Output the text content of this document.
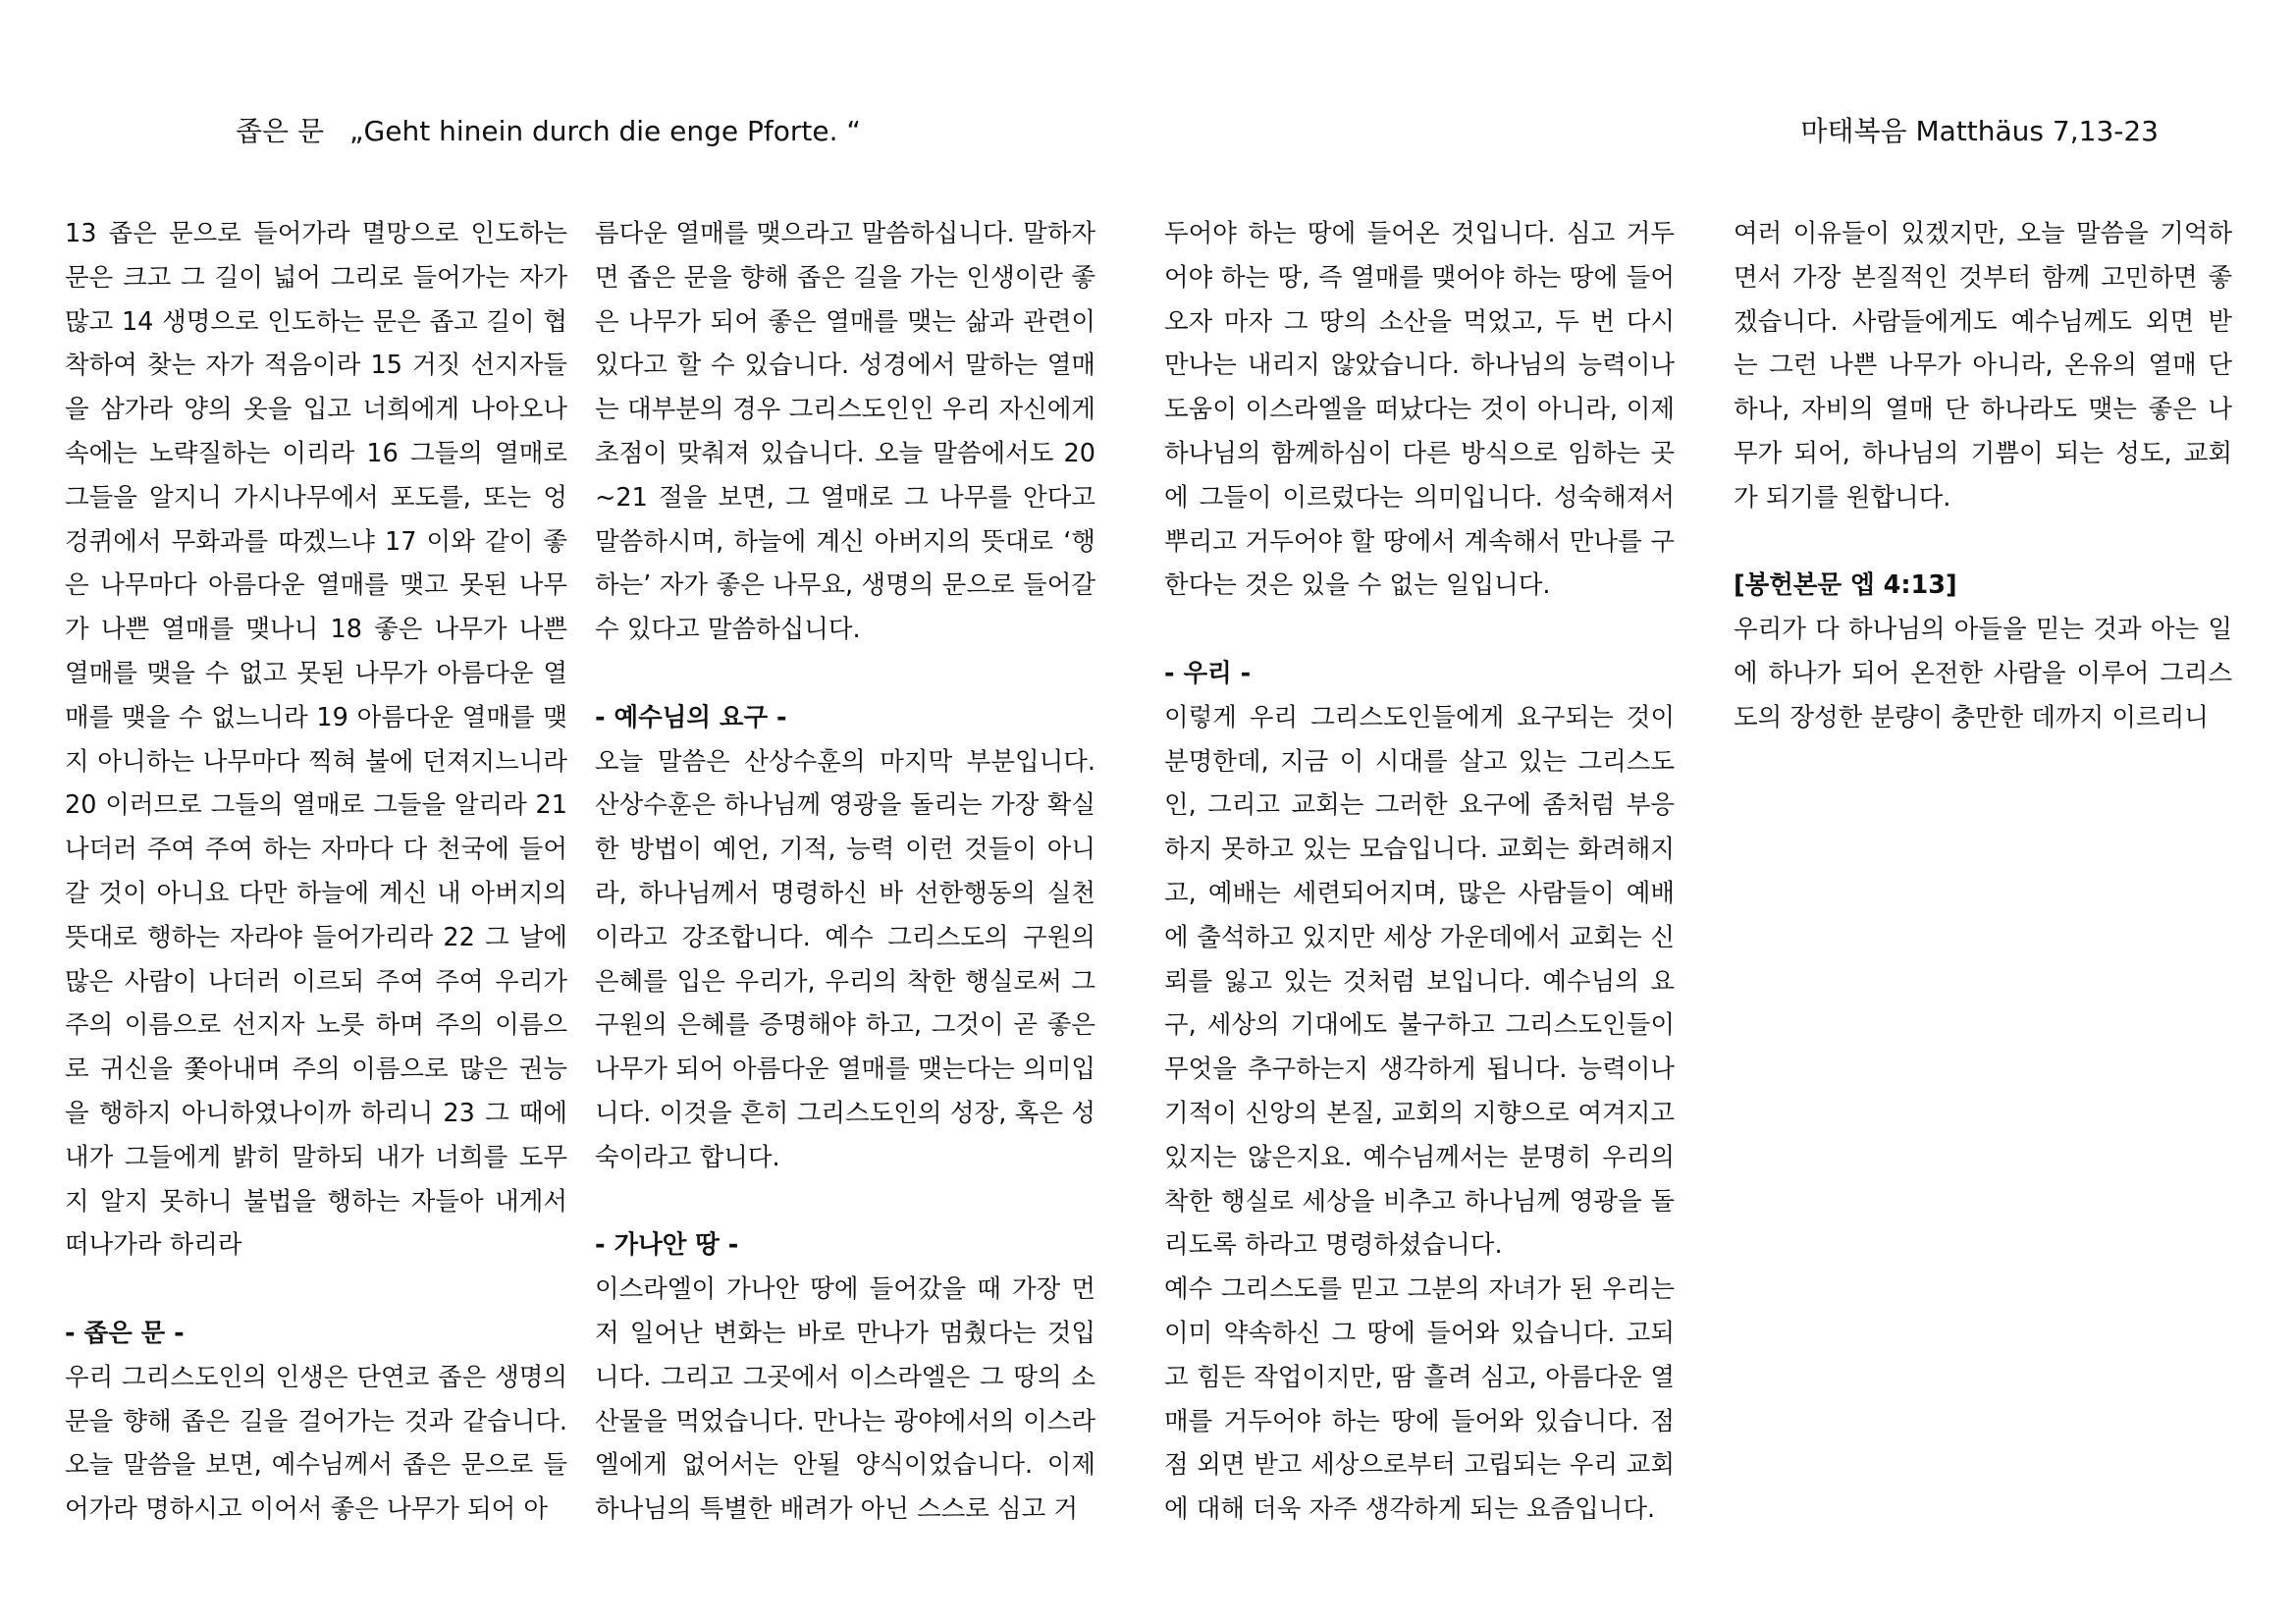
좁은 문 „Geht hinein durch die enge Pforte. “	마태복음 Matthäus 7,13-23

13 좁은 문으로 들어가라 멸망으로 인도하는 문은 크고 그 길이 넓어 그리로 들어가는 자가 많고 14 생명으로 인도하는 문은 좁고 길이 협착하여 찾는 자가 적음이라 15 거짓 선지자들을 삼가라 양의 옷을 입고 너희에게 나아오나 속에는 노략질하는 이리라 16 그들의 열매로 그들을 알지니 가시나무에서 포도를, 또는 엉겅퀴에서 무화과를 따겠느냐 17 이와 같이 좋은 나무마다 아름다운 열매를 맺고 못된 나무가 나쁜 열매를 맺나니 18 좋은 나무가 나쁜 열매를 맺을 수 없고 못된 나무가 아름다운 열매를 맺을 수 없느니라 19 아름다운 열매를 맺지 아니하는 나무마다 찍혀 불에 던져지느니라 20 이러므로 그들의 열매로 그들을 알리라 21 나더러 주여 주여 하는 자마다 다 천국에 들어갈 것이 아니요 다만 하늘에 계신 내 아버지의 뜻대로 행하는 자라야 들어가리라 22 그 날에 많은 사람이 나더러 이르되 주여 주여 우리가 주의 이름으로 선지자 노릇 하며 주의 이름으로 귀신을 쫓아내며 주의 이름으로 많은 권능을 행하지 아니하였나이까 하리니 23 그 때에 내가 그들에게 밝히 말하되 내가 너희를 도무지 알지 못하니 불법을 행하는 자들아 내게서 떠나가라 하리라

- 좁은 문 -

우리 그리스도인의 인생은 단연코 좁은 생명의 문을 향해 좁은 길을 걸어가는 것과 같습니다. 오늘 말씀을 보면, 예수님께서 좁은 문으로 들어가라 명하시고 이어서 좋은 나무가 되어 아

름다운 열매를 맺으라고 말씀하십니다. 말하자면 좁은 문을 향해 좁은 길을 가는 인생이란 좋은 나무가 되어 좋은 열매를 맺는 삶과 관련이 있다고 할 수 있습니다. 성경에서 말하는 열매는 대부분의 경우 그리스도인인 우리 자신에게 초점이 맞춰져 있습니다. 오늘 말씀에서도 20~21 절을 보면, 그 열매로 그 나무를 안다고 말씀하시며, 하늘에 계신 아버지의 뜻대로 ‘행하는’ 자가 좋은 나무요, 생명의 문으로 들어갈 수 있다고 말씀하십니다.

- 예수님의 요구 -

오늘 말씀은 산상수훈의 마지막 부분입니다. 산상수훈은 하나님께 영광을 돌리는 가장 확실한 방법이 예언, 기적, 능력 이런 것들이 아니라, 하나님께서 명령하신 바 선한행동의 실천이라고 강조합니다. 예수 그리스도의 구원의 은혜를 입은 우리가, 우리의 착한 행실로써 그 구원의 은혜를 증명해야 하고, 그것이 곧 좋은 나무가 되어 아름다운 열매를 맺는다는 의미입니다. 이것을 흔히 그리스도인의 성장, 혹은 성숙이라고 합니다.

- 가나안 땅 -

이스라엘이 가나안 땅에 들어갔을 때 가장 먼저 일어난 변화는 바로 만나가 멈췄다는 것입니다. 그리고 그곳에서 이스라엘은 그 땅의 소산물을 먹었습니다. 만나는 광야에서의 이스라엘에게 없어서는 안될 양식이었습니다. 이제 하나님의 특별한 배려가 아닌 스스로 심고 거

두어야 하는 땅에 들어온 것입니다. 심고 거두어야 하는 땅, 즉 열매를 맺어야 하는 땅에 들어오자 마자 그 땅의 소산을 먹었고, 두 번 다시 만나는 내리지 않았습니다. 하나님의 능력이나 도움이 이스라엘을 떠났다는 것이 아니라, 이제 하나님의 함께하심이 다른 방식으로 임하는 곳에 그들이 이르렀다는 의미입니다. 성숙해져서 뿌리고 거두어야 할 땅에서 계속해서 만나를 구한다는 것은 있을 수 없는 일입니다.

- 우리 -

이렇게 우리 그리스도인들에게 요구되는 것이 분명한데, 지금 이 시대를 살고 있는 그리스도인, 그리고 교회는 그러한 요구에 좀처럼 부응하지 못하고 있는 모습입니다. 교회는 화려해지고, 예배는 세련되어지며, 많은 사람들이 예배에 출석하고 있지만 세상 가운데에서 교회는 신뢰를 잃고 있는 것처럼 보입니다. 예수님의 요구, 세상의 기대에도 불구하고 그리스도인들이 무엇을 추구하는지 생각하게 됩니다. 능력이나 기적이 신앙의 본질, 교회의 지향으로 여겨지고 있지는 않은지요. 예수님께서는 분명히 우리의 착한 행실로 세상을 비추고 하나님께 영광을 돌리도록 하라고 명령하셨습니다.

예수 그리스도를 믿고 그분의 자녀가 된 우리는 이미 약속하신 그 땅에 들어와 있습니다. 고되고 힘든 작업이지만, 땀 흘려 심고, 아름다운 열매를 거두어야 하는 땅에 들어와 있습니다. 점점 외면 받고 세상으로부터 고립되는 우리 교회에 대해 더욱 자주 생각하게 되는 요즘입니다.

여러 이유들이 있겠지만, 오늘 말씀을 기억하면서 가장 본질적인 것부터 함께 고민하면 좋겠습니다. 사람들에게도 예수님께도 외면 받는 그런 나쁜 나무가 아니라, 온유의 열매 단 하나, 자비의 열매 단 하나라도 맺는 좋은 나무가 되어, 하나님의 기쁨이 되는 성도, 교회가 되기를 원합니다.

[봉헌본문 엡 4:13]

우리가 다 하나님의 아들을 믿는 것과 아는 일에 하나가 되어 온전한 사람을 이루어 그리스도의 장성한 분량이 충만한 데까지 이르리니
